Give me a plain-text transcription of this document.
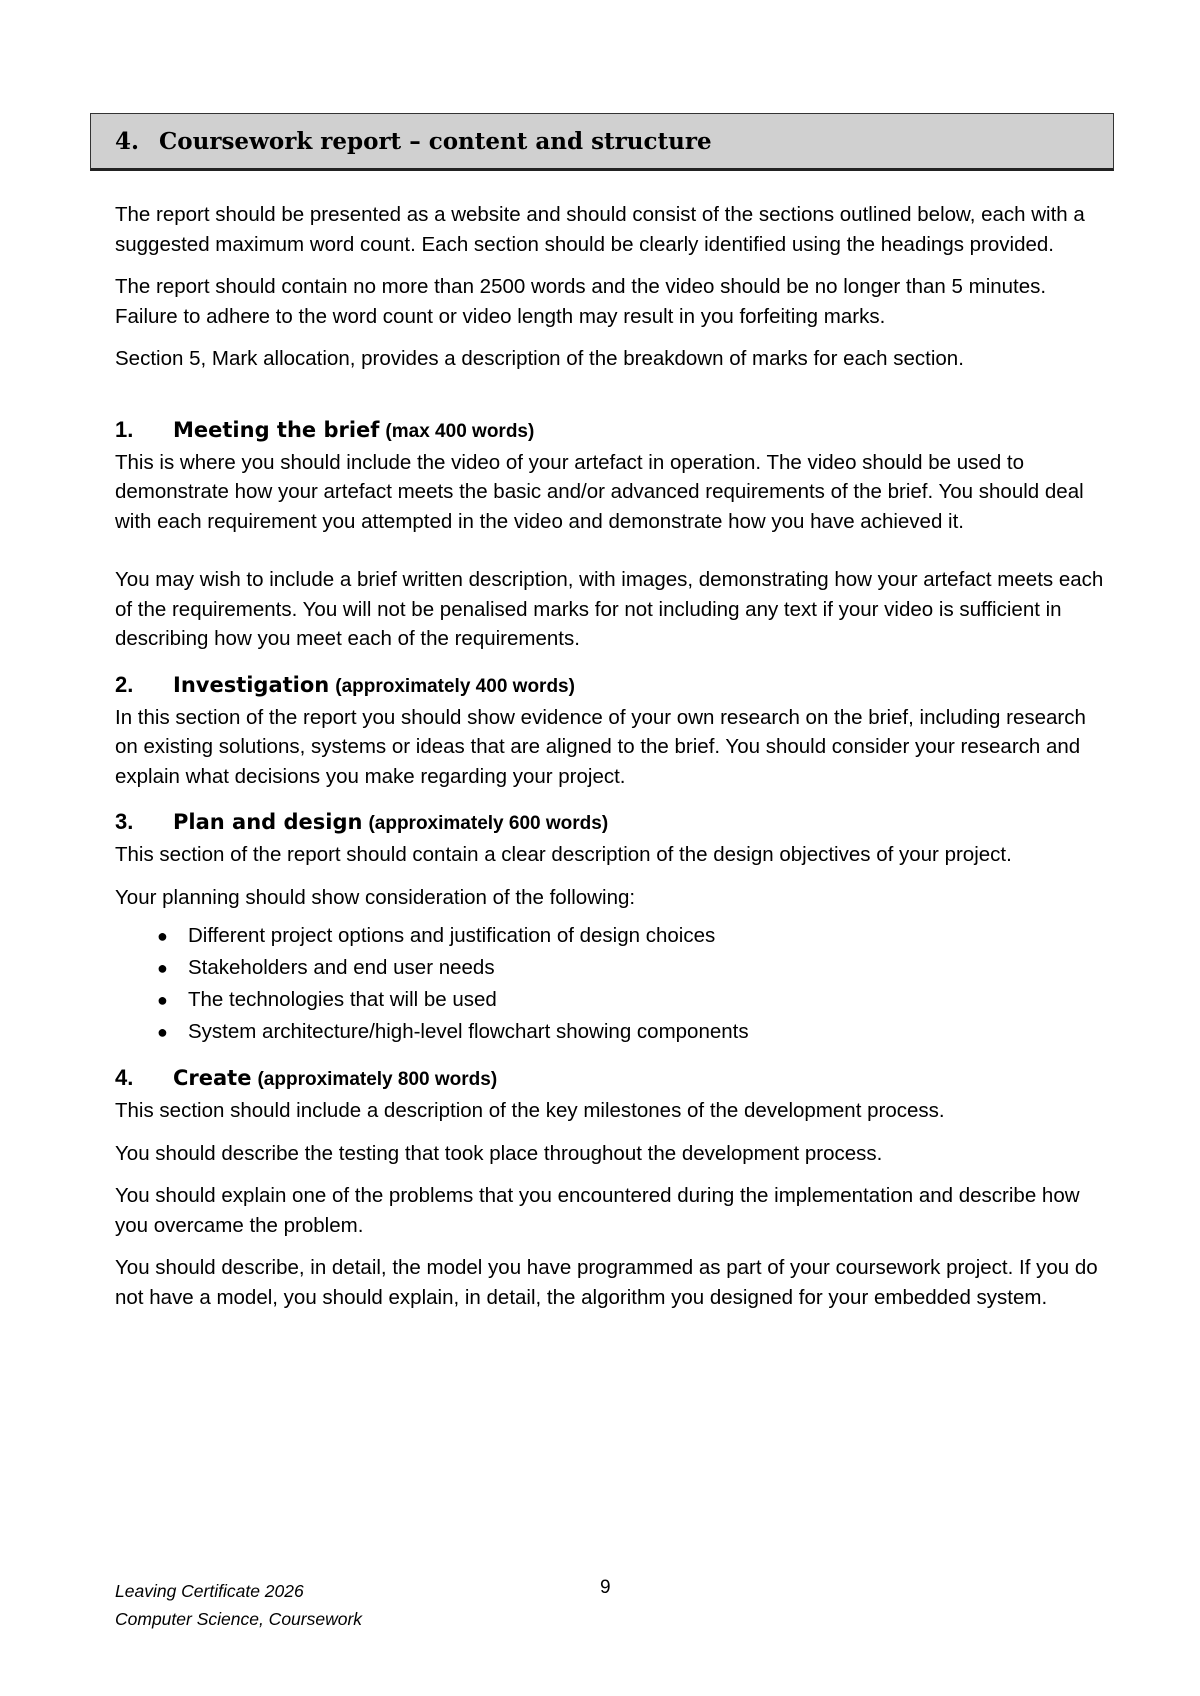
4. Coursework report – content and structure

The report should be presented as a website and should consist of the sections outlined below, each with a suggested maximum word count. Each section should be clearly identified using the headings provided.

The report should contain no more than 2500 words and the video should be no longer than 5 minutes. Failure to adhere to the word count or video length may result in you forfeiting marks.

Section 5, Mark allocation, provides a description of the breakdown of marks for each section.

1.	Meeting the brief (max 400 words)

This is where you should include the video of your artefact in operation. The video should be used to demonstrate how your artefact meets the basic and/or advanced requirements of the brief. You should deal with each requirement you attempted in the video and demonstrate how you have achieved it.

You may wish to include a brief written description, with images, demonstrating how your artefact meets each of the requirements. You will not be penalised marks for not including any text if your video is sufficient in describing how you meet each of the requirements.

2.	Investigation (approximately 400 words)

In this section of the report you should show evidence of your own research on the brief, including research on existing solutions, systems or ideas that are aligned to the brief. You should consider your research and explain what decisions you make regarding your project.

3.	Plan and design (approximately 600 words)

This section of the report should contain a clear description of the design objectives of your project.

Your planning should show consideration of the following:

● Different project options and justification of design choices
● Stakeholders and end user needs
● The technologies that will be used
● System architecture/high-level flowchart showing components
4.	Create (approximately 800 words)

This section should include a description of the key milestones of the development process.

You should describe the testing that took place throughout the development process.

You should explain one of the problems that you encountered during the implementation and describe how you overcame the problem.

You should describe, in detail, the model you have programmed as part of your coursework project. If you do not have a model, you should explain, in detail, the algorithm you designed for your embedded system.

Leaving Certificate 2026
Computer Science, Coursework
9
